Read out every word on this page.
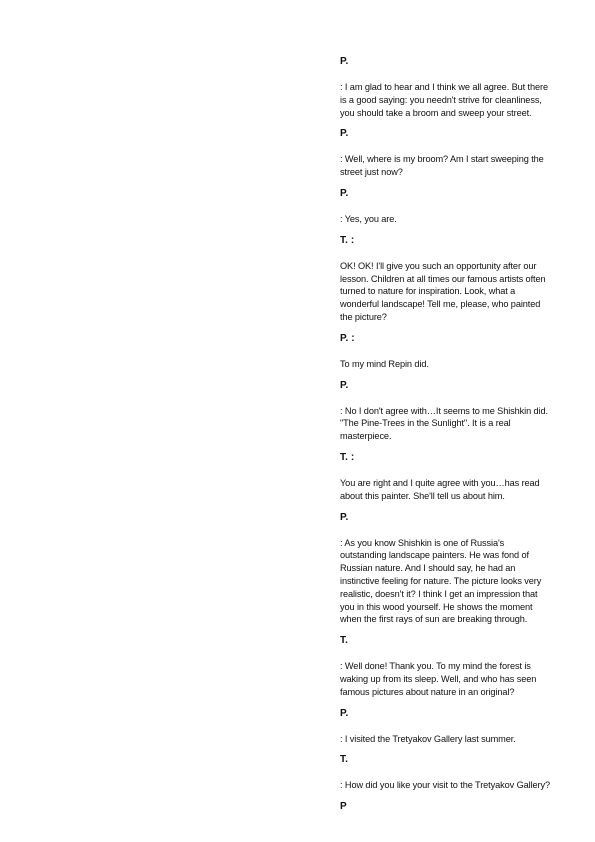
P.

: I am glad to hear and I think we all agree. But there is a good saying: you needn't strive for cleanliness, you should take a broom and sweep your street.

P.

: Well, where is my broom? Am I start sweeping the street just now?

P.

: Yes, you are.

T. :

OK! OK! I'll give you such an opportunity after our lesson. Children at all times our famous artists often turned to nature for inspiration. Look, what a wonderful landscape! Tell me, please, who painted the picture?

P. :

To my mind Repin did.

P.

: No I don't agree with…It seems to me Shishkin did. "The Pine-Trees in the Sunlight". It is a real masterpiece.

T. :

You are right and I quite agree with you…has read about this painter. She'll tell us about him.

P.

: As you know Shishkin is one of Russia's outstanding landscape painters. He was fond of Russian nature. And I should say, he had an instinctive feeling for nature. The picture looks very realistic, doesn't it? I think I get an impression that you in this wood yourself. He shows the moment when the first rays of sun are breaking through.

T.

: Well done! Thank you. To my mind the forest is waking up from its sleep. Well, and who has seen famous pictures about nature in an original?

P.

: I visited the Tretyakov Gallery last summer.

T.

: How did you like your visit to the Tretyakov Gallery?

P
